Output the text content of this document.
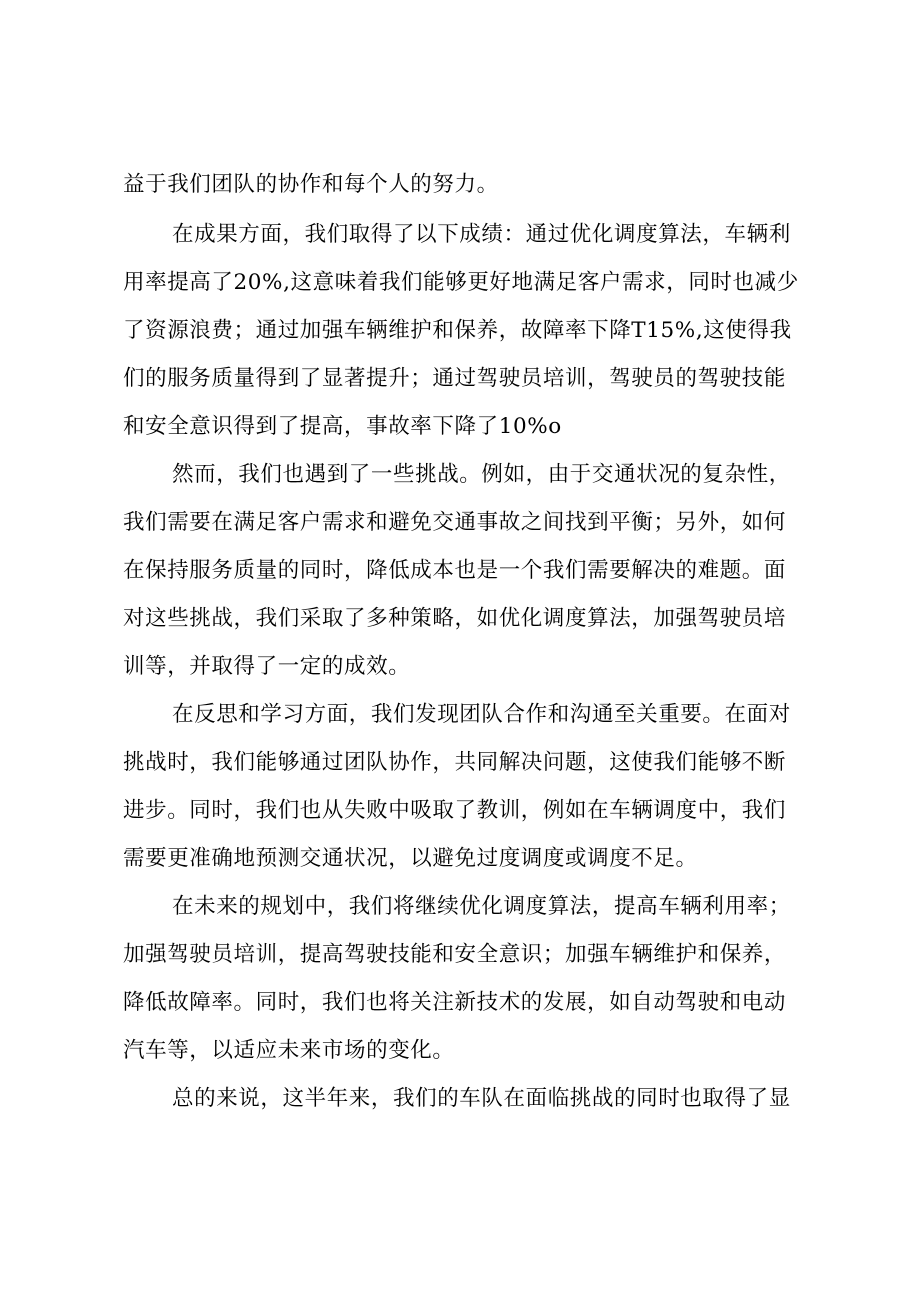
益于我们团队的协作和每个人的努力。
在成果方面，我们取得了以下成绩：通过优化调度算法，车辆利
用率提高了20%,这意味着我们能够更好地满足客户需求，同时也减少
了资源浪费；通过加强车辆维护和保养，故障率下降T15%,这使得我
们的服务质量得到了显著提升；通过驾驶员培训，驾驶员的驾驶技能
和安全意识得到了提高，事故率下降了10%o
然而，我们也遇到了一些挑战。例如，由于交通状况的复杂性，
我们需要在满足客户需求和避免交通事故之间找到平衡；另外，如何
在保持服务质量的同时，降低成本也是一个我们需要解决的难题。面
对这些挑战，我们采取了多种策略，如优化调度算法，加强驾驶员培
训等，并取得了一定的成效。
在反思和学习方面，我们发现团队合作和沟通至关重要。在面对
挑战时，我们能够通过团队协作，共同解决问题，这使我们能够不断
进步。同时，我们也从失败中吸取了教训，例如在车辆调度中，我们
需要更准确地预测交通状况，以避免过度调度或调度不足。
在未来的规划中，我们将继续优化调度算法，提高车辆利用率；
加强驾驶员培训，提高驾驶技能和安全意识；加强车辆维护和保养，
降低故障率。同时，我们也将关注新技术的发展，如自动驾驶和电动
汽车等，以适应未来市场的变化。
总的来说，这半年来，我们的车队在面临挑战的同时也取得了显
